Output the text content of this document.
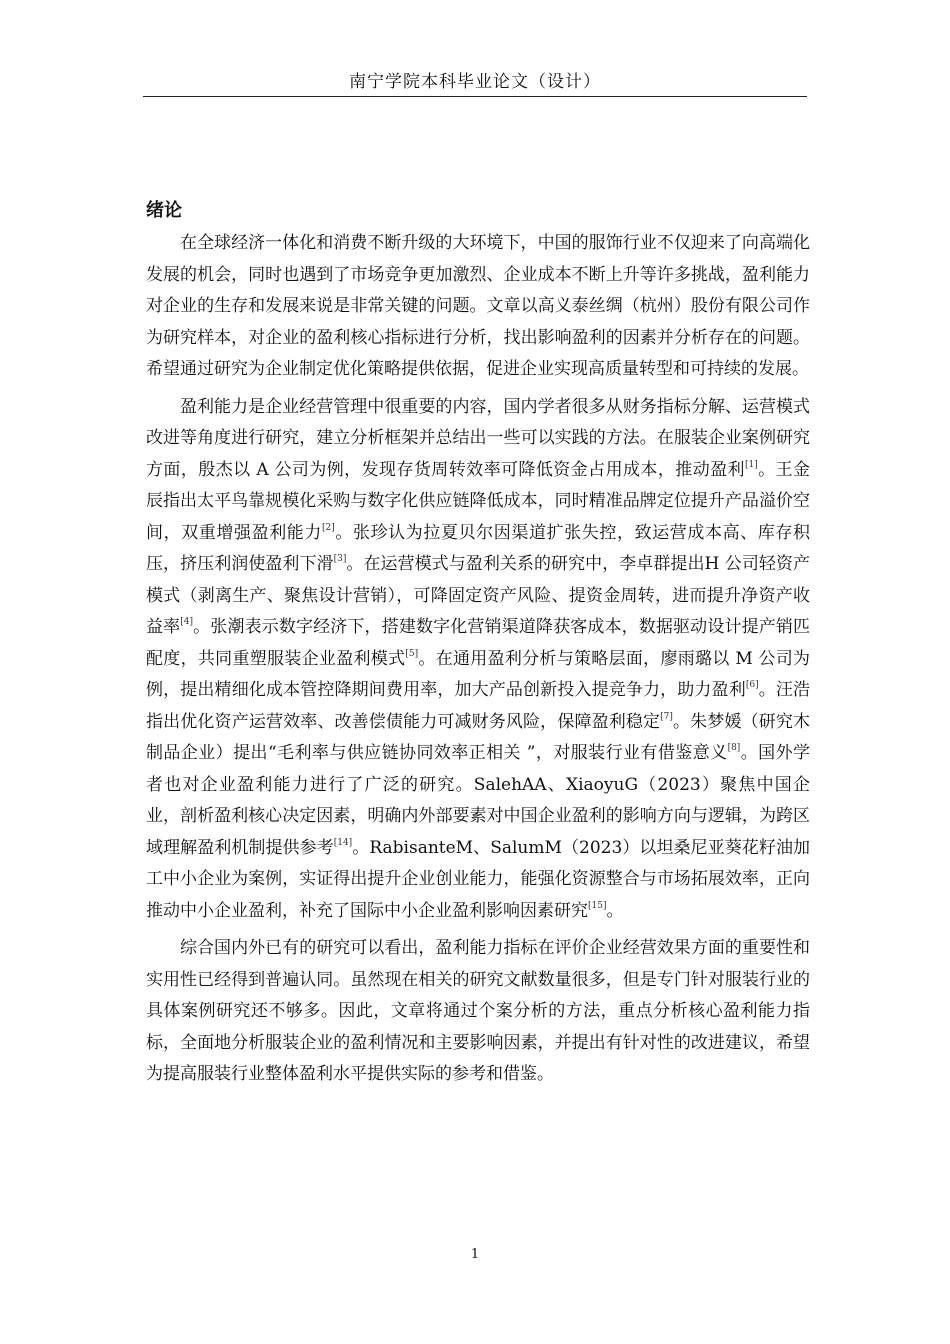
南宁学院本科毕业论文（设计）
绪论

在全球经济一体化和消费不断升级的大环境下，中国的服饰行业不仅迎来了向高端化发展的机会，同时也遇到了市场竞争更加激烈、企业成本不断上升等许多挑战，盈利能力对企业的生存和发展来说是非常关键的问题。文章以高义泰丝绸（杭州）股份有限公司作为研究样本，对企业的盈利核心指标进行分析，找出影响盈利的因素并分析存在的问题。希望通过研究为企业制定优化策略提供依据，促进企业实现高质量转型和可持续的发展。

盈利能力是企业经营管理中很重要的内容，国内学者很多从财务指标分解、运营模式改进等角度进行研究，建立分析框架并总结出一些可以实践的方法。在服装企业案例研究方面，殷杰以 A 公司为例，发现存货周转效率可降低资金占用成本，推动盈利[1]。王金辰指出太平鸟靠规模化采购与数字化供应链降低成本，同时精准品牌定位提升产品溢价空间，双重增强盈利能力[2]。张珍认为拉夏贝尔因渠道扩张失控，致运营成本高、库存积压，挤压利润使盈利下滑[3]。在运营模式与盈利关系的研究中，李卓群提出H 公司轻资产模式（剥离生产、聚焦设计营销），可降固定资产风险、提资金周转，进而提升净资产收益率[4]。张潮表示数字经济下，搭建数字化营销渠道降获客成本，数据驱动设计提产销匹配度，共同重塑服装企业盈利模式[5]。在通用盈利分析与策略层面，廖雨璐以 M 公司为例，提出精细化成本管控降期间费用率，加大产品创新投入提竞争力，助力盈利[6]。汪浩指出优化资产运营效率、改善偿债能力可减财务风险，保障盈利稳定[7]。朱梦媛（研究木制品企业）提出“毛利率与供应链协同效率正相关 ”，对服装行业有借鉴意义[8]。国外学者也对企业盈利能力进行了广泛的研究。SalehAA、XiaoyuG（2023）聚焦中国企业，剖析盈利核心决定因素，明确内外部要素对中国企业盈利的影响方向与逻辑，为跨区域理解盈利机制提供参考[14]。RabisanteM、SalumM（2023）以坦桑尼亚葵花籽油加工中小企业为案例，实证得出提升企业创业能力，能强化资源整合与市场拓展效率，正向推动中小企业盈利，补充了国际中小企业盈利影响因素研究[15]。

综合国内外已有的研究可以看出，盈利能力指标在评价企业经营效果方面的重要性和实用性已经得到普遍认同。虽然现在相关的研究文献数量很多，但是专门针对服装行业的具体案例研究还不够多。因此，文章将通过个案分析的方法，重点分析核心盈利能力指标，全面地分析服装企业的盈利情况和主要影响因素，并提出有针对性的改进建议，希望为提高服装行业整体盈利水平提供实际的参考和借鉴。

1
